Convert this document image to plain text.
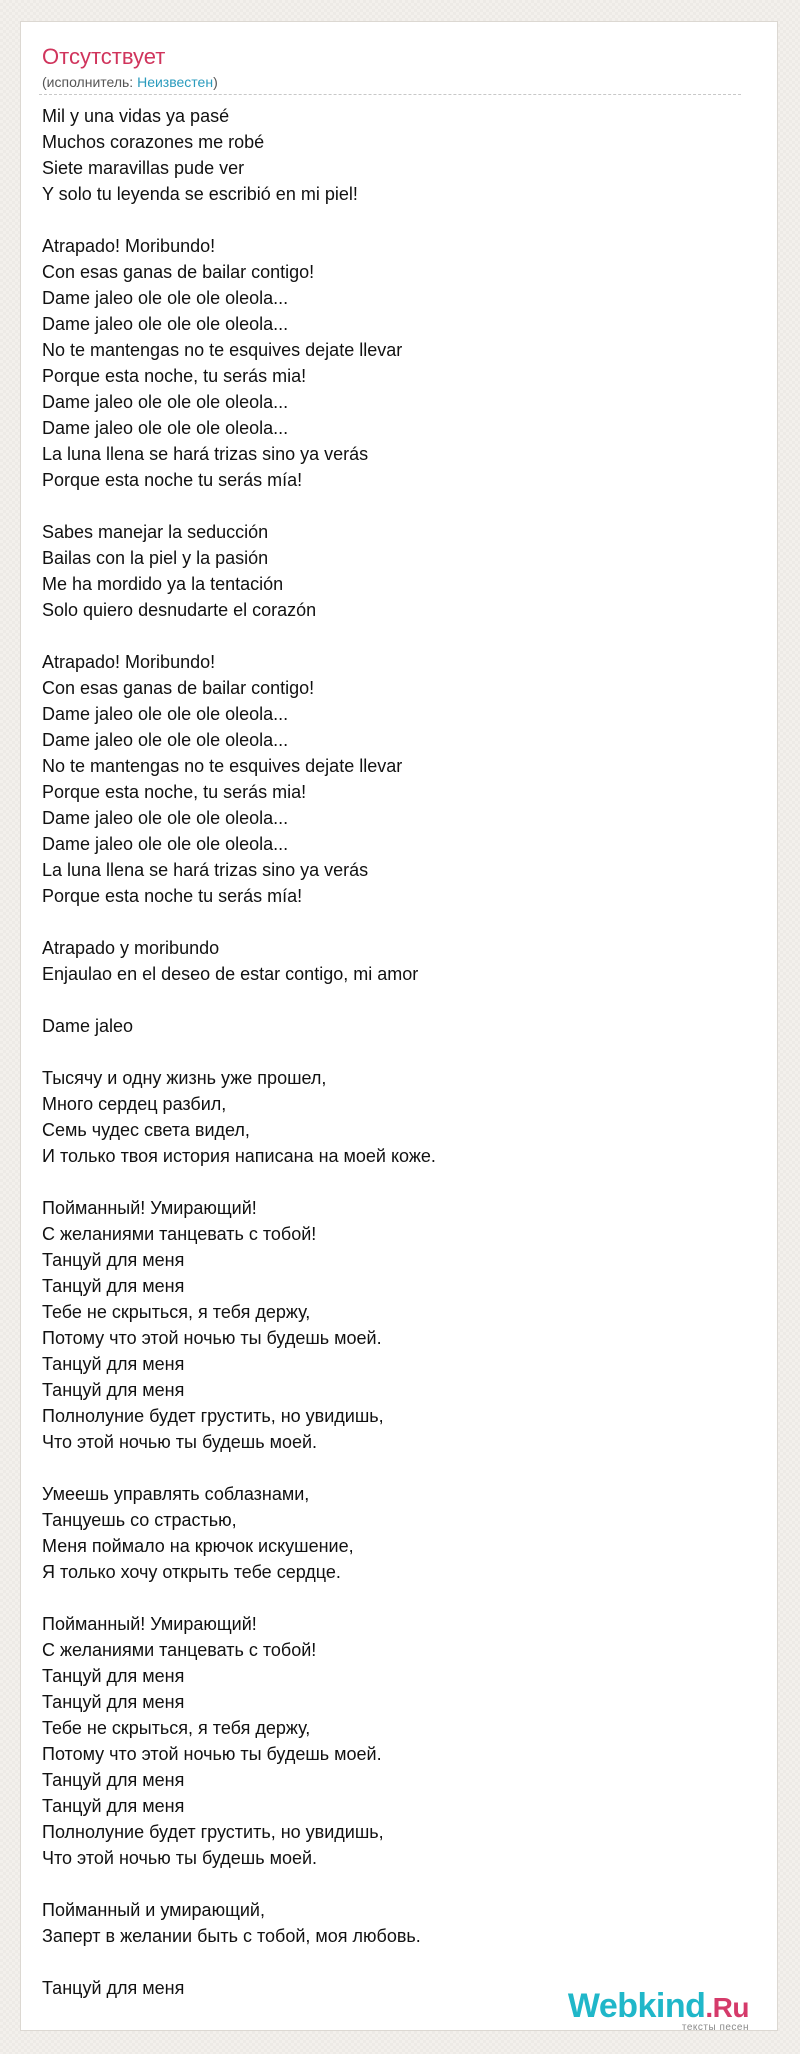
Отсутствует
(исполнитель: Неизвестен)
Mil y una vidas ya pasé
Muchos corazones me robé
Siete maravillas pude ver
Y solo tu leyenda se escribió en mi piel!
Atrapado! Moribundo!
Con esas ganas de bailar contigo!
Dame jaleo ole ole ole oleola...
Dame jaleo ole ole ole oleola...
No te mantengas no te esquives dejate llevar
Porque esta noche, tu serás mia!
Dame jaleo ole ole ole oleola...
Dame jaleo ole ole ole oleola...
La luna llena se hará trizas sino ya verás
Porque esta noche tu serás mía!
Sabes manejar la seducción
Bailas con la piel y la pasión
Me ha mordido ya la tentación
Solo quiero desnudarte el corazón
Atrapado! Moribundo!
Con esas ganas de bailar contigo!
Dame jaleo ole ole ole oleola...
Dame jaleo ole ole ole oleola...
No te mantengas no te esquives dejate llevar
Porque esta noche, tu serás mia!
Dame jaleo ole ole ole oleola...
Dame jaleo ole ole ole oleola...
La luna llena se hará trizas sino ya verás
Porque esta noche tu serás mía!
Atrapado y moribundo
Enjaulao en el deseo de estar contigo, mi amor
Dame jaleo
Тысячу и одну жизнь уже прошел,
Много сердец разбил,
Семь чудес света видел,
И только твоя история написана на моей коже.
Пойманный! Умирающий!
С желаниями танцевать с тобой!
Танцуй для меня
Танцуй для меня
Тебе не скрыться, я тебя держу,
Потому что этой ночью ты будешь моей.
Танцуй для меня
Танцуй для меня
Полнолуние будет грустить, но увидишь,
Что этой ночью ты будешь моей.
Умеешь управлять соблазнами,
Танцуешь со страстью,
Меня поймало на крючок искушение,
Я только хочу открыть тебе сердце.
Пойманный! Умирающий!
С желаниями танцевать с тобой!
Танцуй для меня
Танцуй для меня
Тебе не скрыться, я тебя держу,
Потому что этой ночью ты будешь моей.
Танцуй для меня
Танцуй для меня
Полнолуние будет грустить, но увидишь,
Что этой ночью ты будешь моей.
Пойманный и умирающий,
Заперт в желании быть с тобой, моя любовь.
Танцуй для меня	Webkind.Ru
тексты песен
